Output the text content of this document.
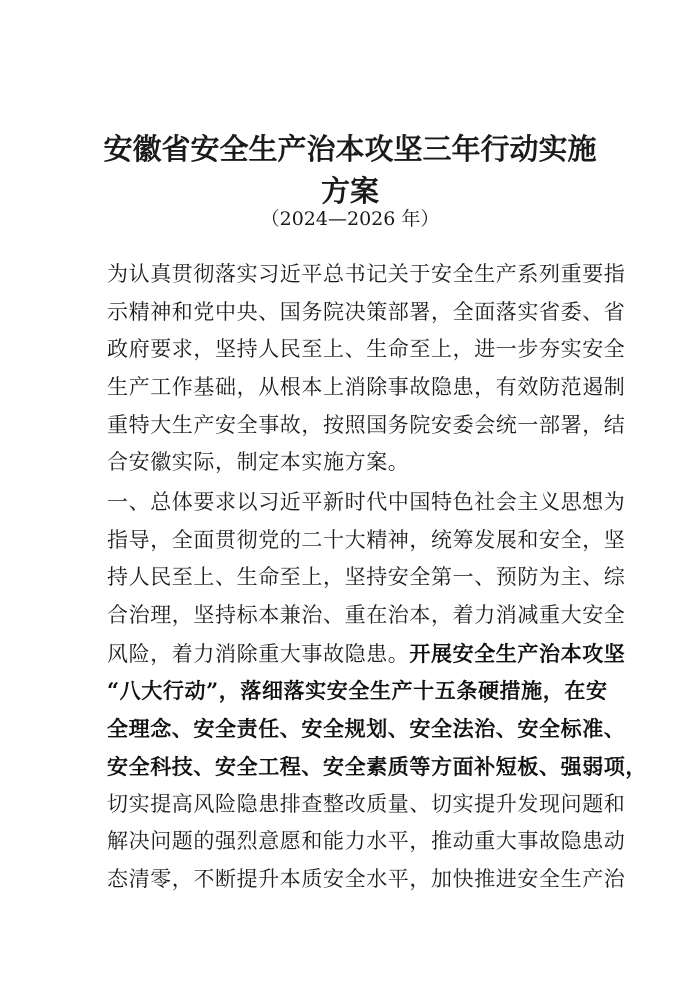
安徽省安全生产治本攻坚三年行动实施
方案
（2024—2026 年）
为认真贯彻落实习近平总书记关于安全生产系列重要指
示精神和党中央、国务院决策部署，全面落实省委、省
政府要求，坚持人民至上、生命至上，进一步夯实安全
生产工作基础，从根本上消除事故隐患，有效防范遏制
重特大生产安全事故，按照国务院安委会统一部署，结
合安徽实际，制定本实施方案。
一、总体要求以习近平新时代中国特色社会主义思想为
指导，全面贯彻党的二十大精神，统筹发展和安全，坚
持人民至上、生命至上，坚持安全第一、预防为主、综
合治理，坚持标本兼治、重在治本，着力消减重大安全
风险，着力消除重大事故隐患。开展安全生产治本攻坚
“八大行动”，落细落实安全生产十五条硬措施，在安
全理念、安全责任、安全规划、安全法治、安全标准、
安全科技、安全工程、安全素质等方面补短板、强弱项，
切实提高风险隐患排查整改质量、切实提升发现问题和
解决问题的强烈意愿和能力水平，推动重大事故隐患动
态清零，不断提升本质安全水平，加快推进安全生产治
